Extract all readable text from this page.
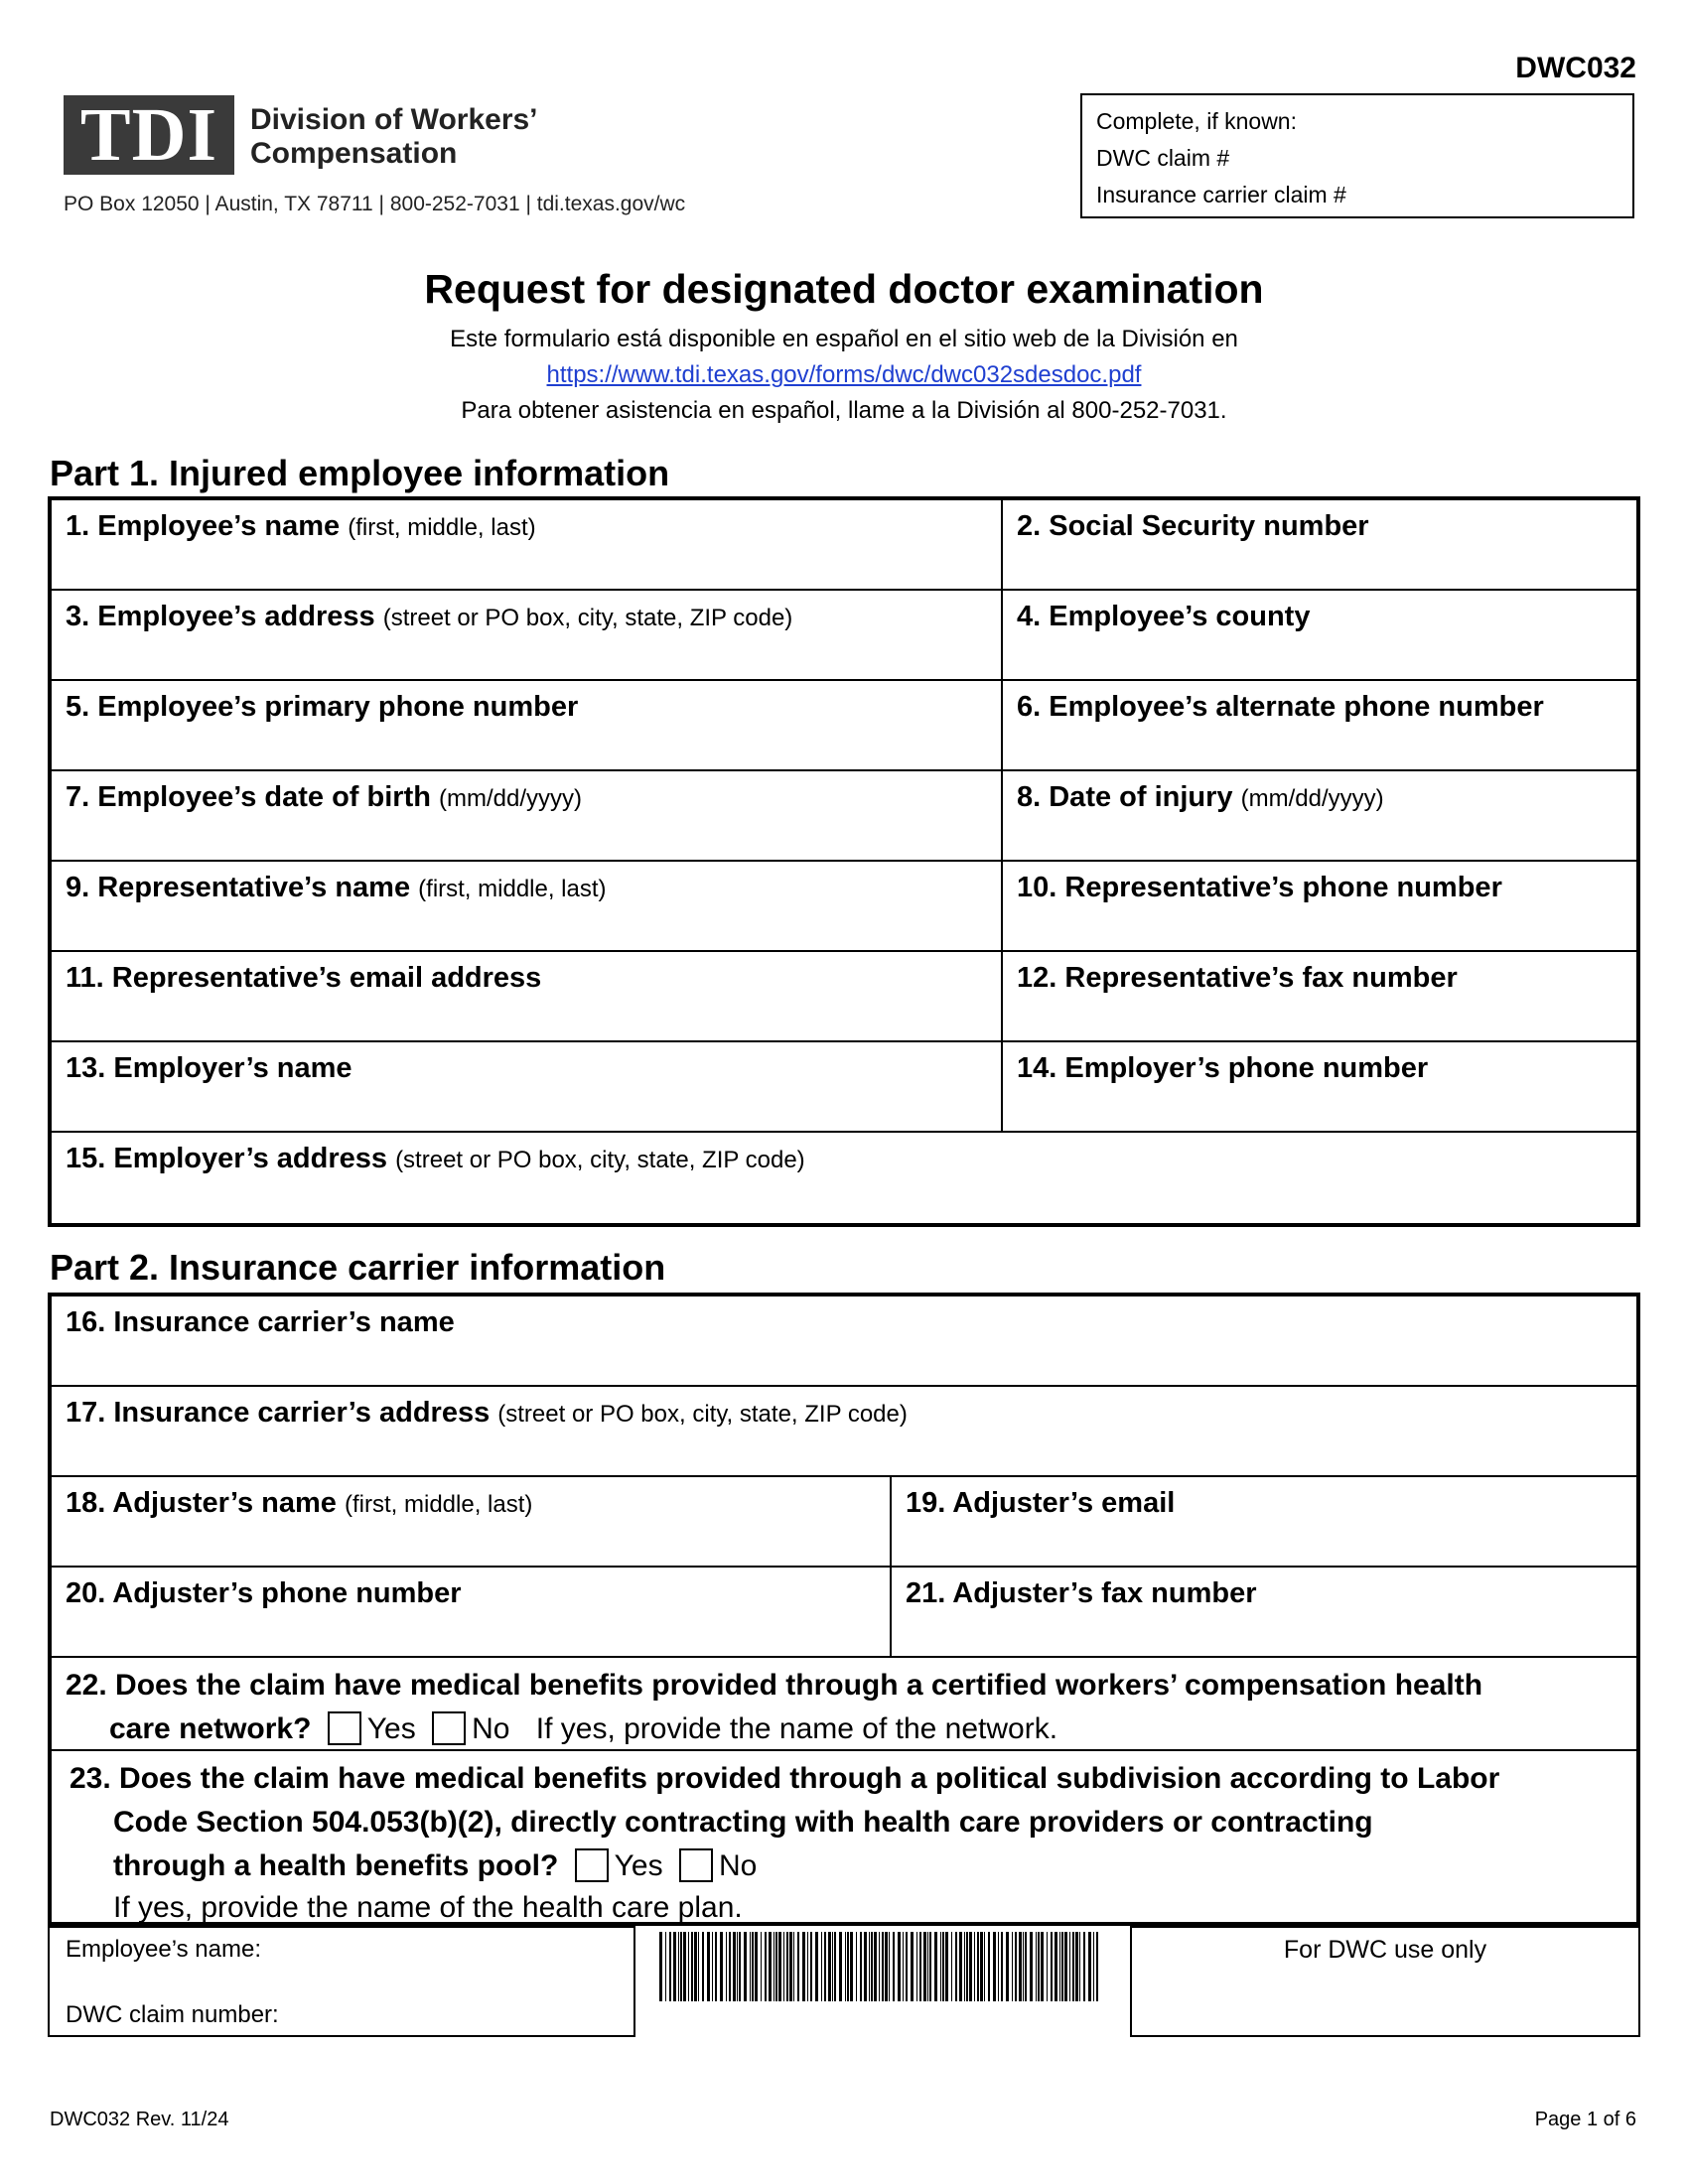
DWC032
TDI	Division of Workers’
Compensation
PO Box 12050 | Austin, TX 78711 | 800-252-7031 | tdi.texas.gov/wc
Complete, if known:
DWC claim #
Insurance carrier claim #
Request for designated doctor examination
Este formulario está disponible en español en el sitio web de la División en
https://www.tdi.texas.gov/forms/dwc/dwc032sdesdoc.pdf
Para obtener asistencia en español, llame a la División al 800-252-7031.
Part 1. Injured employee information
1. Employee’s name (first, middle, last)	2. Social Security number
3. Employee’s address (street or PO box, city, state, ZIP code)	4. Employee’s county
5. Employee’s primary phone number	6. Employee’s alternate phone number
7. Employee’s date of birth (mm/dd/yyyy)	8. Date of injury (mm/dd/yyyy)
9. Representative’s name (first, middle, last)	10. Representative’s phone number
11. Representative’s email address	12. Representative’s fax number
13. Employer’s name	14. Employer’s phone number
15. Employer’s address (street or PO box, city, state, ZIP code)
Part 2. Insurance carrier information
16. Insurance carrier’s name
17. Insurance carrier’s address (street or PO box, city, state, ZIP code)
18. Adjuster’s name (first, middle, last)	19. Adjuster’s email
20. Adjuster’s phone number	21. Adjuster’s fax number
22. Does the claim have medical benefits provided through a certified workers’ compensation health
care network? Yes No If yes, provide the name of the network.
23. Does the claim have medical benefits provided through a political subdivision according to Labor
Code Section 504.053(b)(2), directly contracting with health care providers or contracting
through a health benefits pool? Yes No
If yes, provide the name of the health care plan.
Employee’s name:
DWC claim number:
For DWC use only
DWC032 Rev. 11/24	Page 1 of 6
